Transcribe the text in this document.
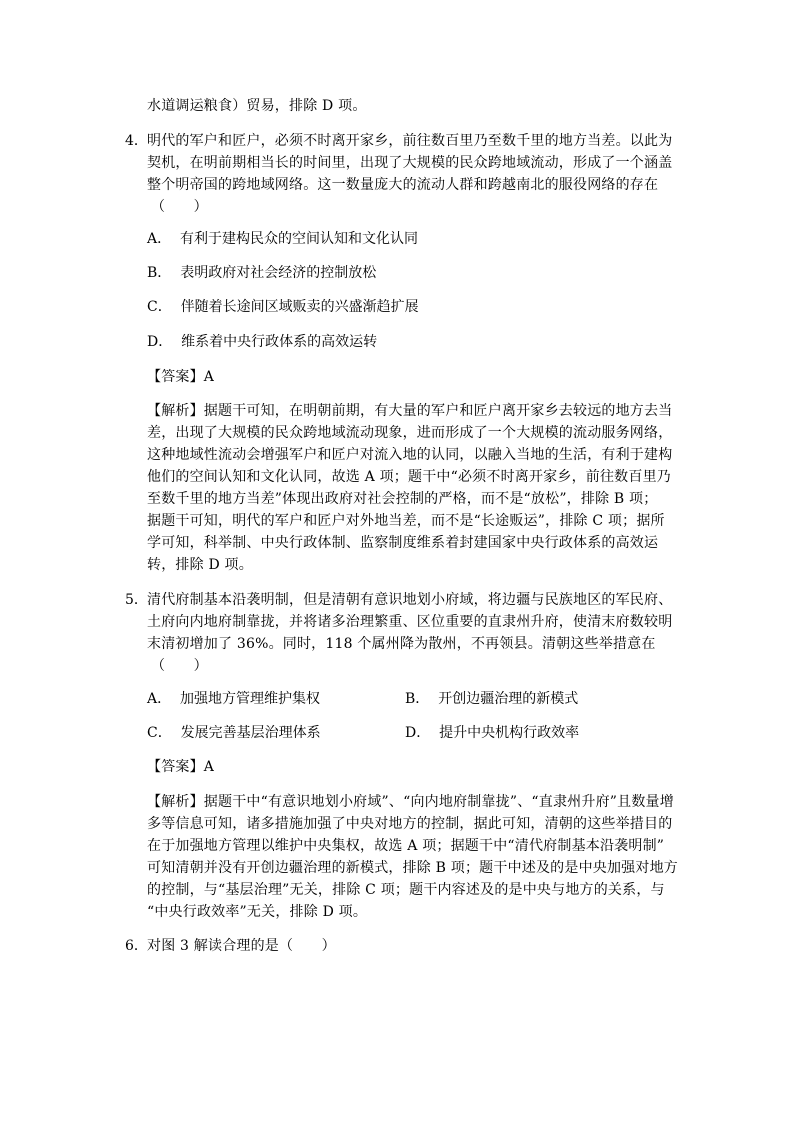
水道调运粮食）贸易，排除 D 项。
4． 明代的军户和匠户，必须不时离开家乡，前往数百里乃至数千里的地方当差。以此为
契机，在明前期相当长的时间里，出现了大规模的民众跨地域流动，形成了一个涵盖
整个明帝国的跨地域网络。这一数量庞大的流动人群和跨越南北的服役网络的存在
（　　）
A．  有利于建构民众的空间认知和文化认同
B．  表明政府对社会经济的控制放松
C．  伴随着长途间区域贩卖的兴盛渐趋扩展
D．  维系着中央行政体系的高效运转
【答案】A
【解析】据题干可知，在明朝前期，有大量的军户和匠户离开家乡去较远的地方去当
差，出现了大规模的民众跨地域流动现象，进而形成了一个大规模的流动服务网络，
这种地域性流动会增强军户和匠户对流入地的认同，以融入当地的生活，有利于建构
他们的空间认知和文化认同，故选 A 项；题干中“必须不时离开家乡，前往数百里乃
至数千里的地方当差”体现出政府对社会控制的严格，而不是“放松”，排除 B 项；
据题干可知，明代的军户和匠户对外地当差，而不是“长途贩运”，排除 C 项；据所
学可知，科举制、中央行政体制、监察制度维系着封建国家中央行政体系的高效运
转，排除 D 项。
5． 清代府制基本沿袭明制，但是清朝有意识地划小府域，将边疆与民族地区的军民府、
土府向内地府制靠拢，并将诸多治理繁重、区位重要的直隶州升府，使清末府数较明
末清初增加了 36%。同时，118 个属州降为散州，不再领县。清朝这些举措意在
（　　）
A．  加强地方管理维护集权	B．  开创边疆治理的新模式
C．  发展完善基层治理体系	D．  提升中央机构行政效率
【答案】A
【解析】据题干中“有意识地划小府域”、“向内地府制靠拢”、“直隶州升府”且数量增
多等信息可知，诸多措施加强了中央对地方的控制，据此可知，清朝的这些举措目的
在于加强地方管理以维护中央集权，故选 A 项；据题干中“清代府制基本沿袭明制”
可知清朝并没有开创边疆治理的新模式，排除 B 项；题干中述及的是中央加强对地方
的控制，与“基层治理”无关，排除 C 项；题干内容述及的是中央与地方的关系，与
“中央行政效率”无关，排除 D 项。
6． 对图 3 解读合理的是（　　）
